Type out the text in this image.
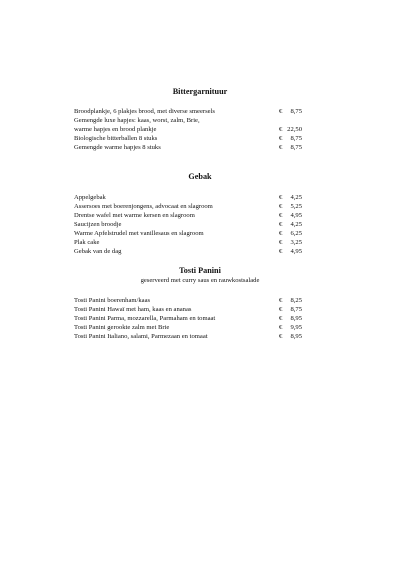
Bittergarnituur
Broodplankje, 6 plakjes brood, met diverse smeersels	€ 8,75
Gemengde luxe hapjes: kaas, worst, zalm, Brie,
warme hapjes en brood plankje	€ 22,50
Biologische bitterballen 8 stuks	€ 8,75
Gemengde warme hapjes 8 stuks	€ 8,75
Gebak
Appelgebak	€ 4,25
Assersoes met boerenjongens, advocaat en slagroom	€ 5,25
Drentse wafel met warme kersen en slagroom	€ 4,95
Saucijzen broodje	€ 4,25
Warme Apfelstrudel met vanillesaus en slagroom	€ 6,25
Plak cake	€ 3,25
Gebak van de dag	€ 4,95
Tosti Panini
geserveerd met curry saus en rauwkostsalade
Tosti Panini boerenham/kaas	€ 8,25
Tosti Panini Hawaï met ham, kaas en ananas	€ 8,75
Tosti Panini Parma, mozzarella, Parmaham en tomaat	€ 8,95
Tosti Panini gerookte zalm met Brie	€ 9,95
Tosti Panini Italiano, salami, Parmezaan en tomaat	€ 8,95
